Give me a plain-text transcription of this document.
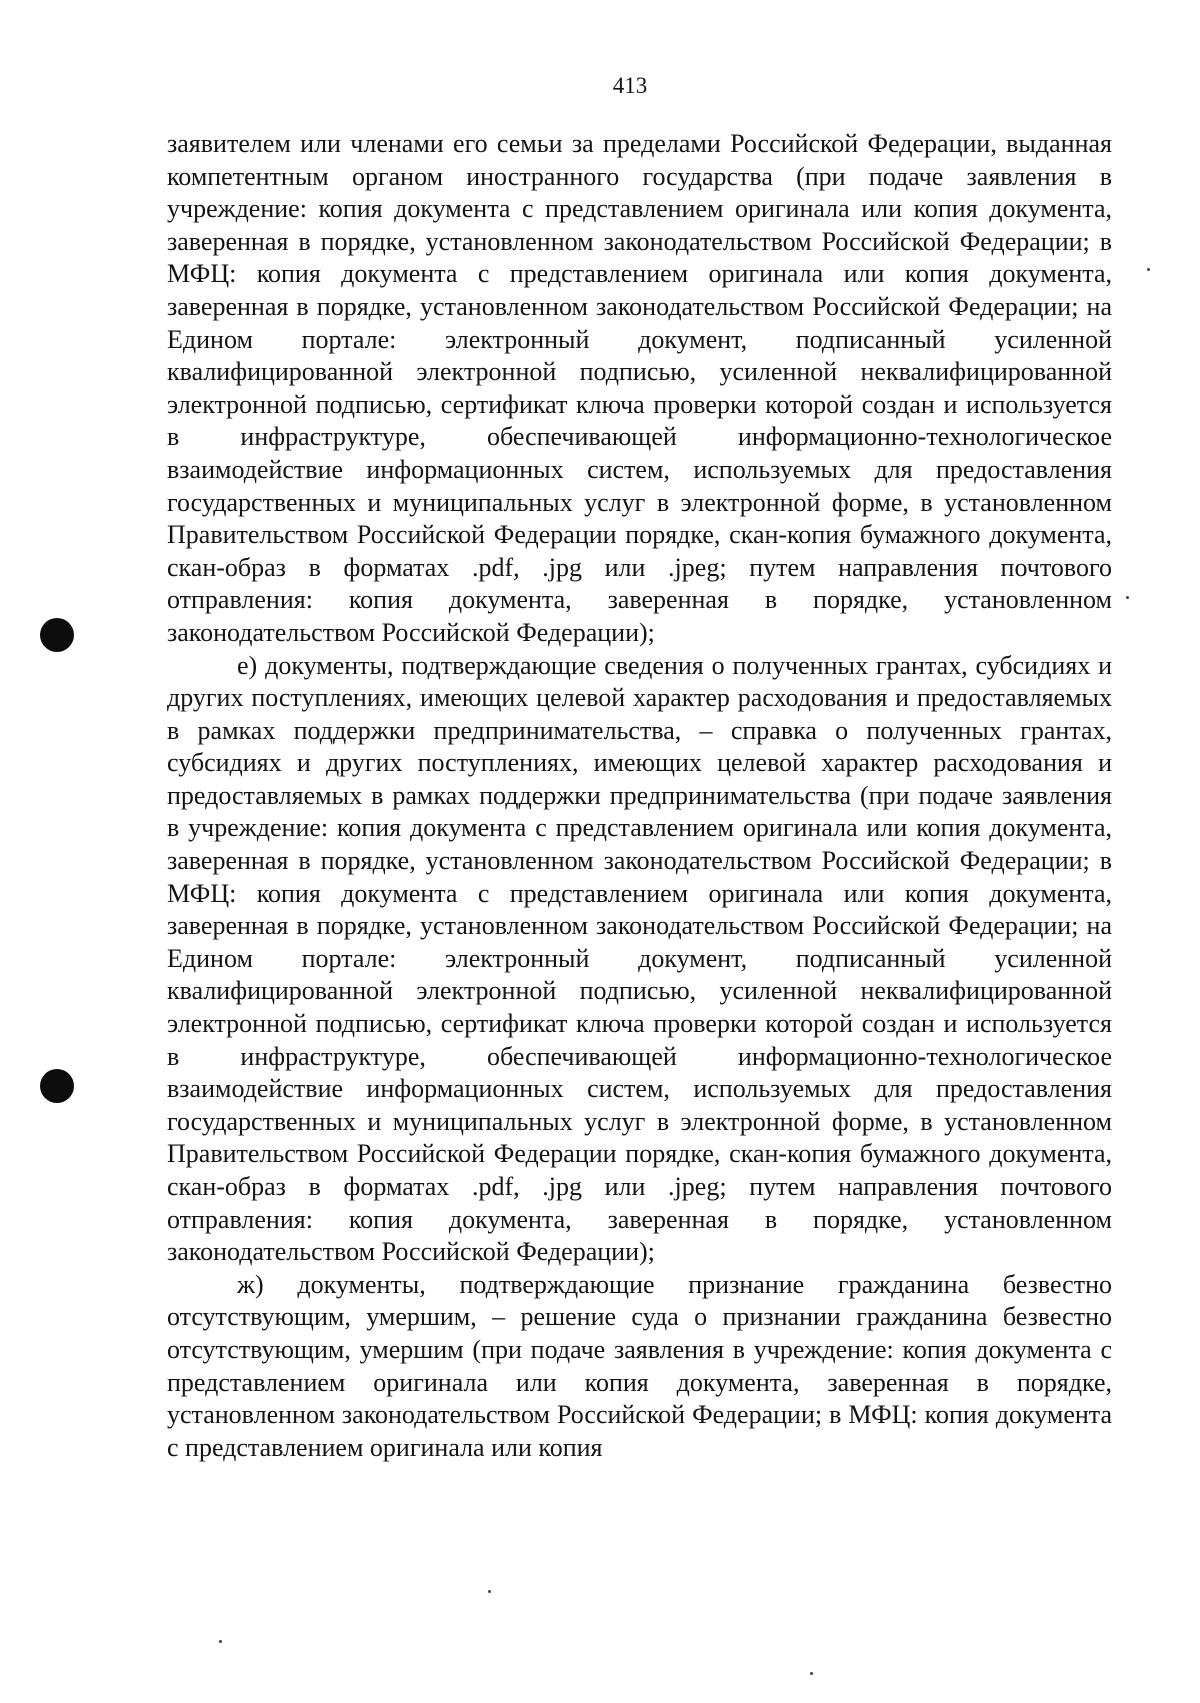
413

заявителем или членами его семьи за пределами Российской Федерации, выданная компетентным органом иностранного государства (при подаче заявления в учреждение: копия документа с представлением оригинала или копия документа, заверенная в порядке, установленном законодательством Российской Федерации; в МФЦ: копия документа с представлением оригинала или копия документа, заверенная в порядке, установленном законодательством Российской Федерации; на Едином портале: электронный документ, подписанный усиленной квалифицированной электронной подписью, усиленной неквалифицированной электронной подписью, сертификат ключа проверки которой создан и используется в инфраструктуре, обеспечивающей информационно-технологическое взаимодействие информационных систем, используемых для предоставления государственных и муниципальных услуг в электронной форме, в установленном Правительством Российской Федерации порядке, скан-копия бумажного документа, скан-образ в форматах .pdf, .jpg или .jpeg; путем направления почтового отправления: копия документа, заверенная в порядке, установленном законодательством Российской Федерации);

е) документы, подтверждающие сведения о полученных грантах, субсидиях и других поступлениях, имеющих целевой характер расходования и предоставляемых в рамках поддержки предпринимательства, – справка о полученных грантах, субсидиях и других поступлениях, имеющих целевой характер расходования и предоставляемых в рамках поддержки предпринимательства (при подаче заявления в учреждение: копия документа с представлением оригинала или копия документа, заверенная в порядке, установленном законодательством Российской Федерации; в МФЦ: копия документа с представлением оригинала или копия документа, заверенная в порядке, установленном законодательством Российской Федерации; на Едином портале: электронный документ, подписанный усиленной квалифицированной электронной подписью, усиленной неквалифицированной электронной подписью, сертификат ключа проверки которой создан и используется в инфраструктуре, обеспечивающей информационно-технологическое взаимодействие информационных систем, используемых для предоставления государственных и муниципальных услуг в электронной форме, в установленном Правительством Российской Федерации порядке, скан-копия бумажного документа, скан-образ в форматах .pdf, .jpg или .jpeg; путем направления почтового отправления: копия документа, заверенная в порядке, установленном законодательством Российской Федерации);

ж) документы, подтверждающие признание гражданина безвестно отсутствующим, умершим, – решение суда о признании гражданина безвестно отсутствующим, умершим (при подаче заявления в учреждение: копия документа с представлением оригинала или копия документа, заверенная в порядке, установленном законодательством Российской Федерации; в МФЦ: копия документа с представлением оригинала или копия
